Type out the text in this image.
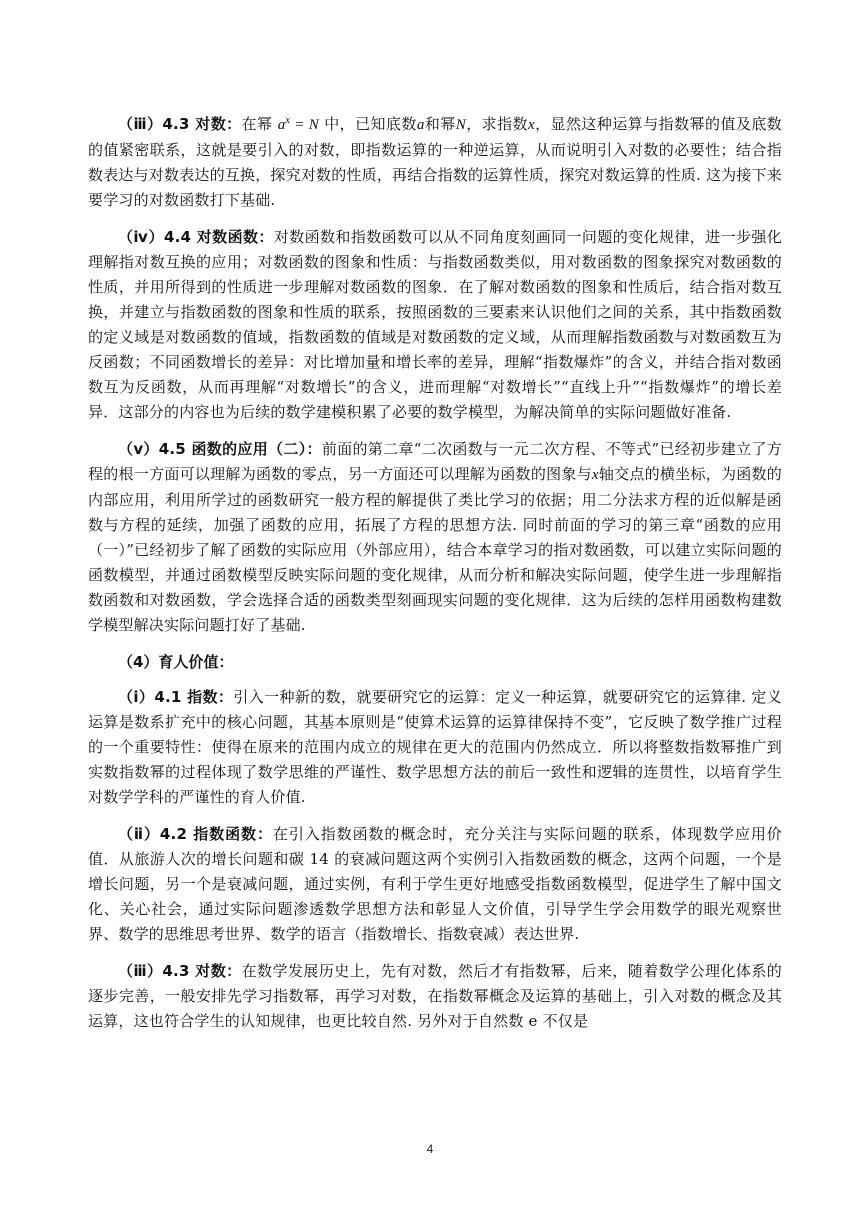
（ⅲ）4.3 对数：在幂 $a^x = N$ 中，已知底数a和幂N，求指数x，显然这种运算与指数幂的值及底数的值紧密联系，这就是要引入的对数，即指数运算的一种逆运算，从而说明引入对数的必要性；结合指数表达与对数表达的互换，探究对数的性质，再结合指数的运算性质，探究对数运算的性质. 这为接下来要学习的对数函数打下基础.

（ⅳ）4.4 对数函数：对数函数和指数函数可以从不同角度刻画同一问题的变化规律，进一步强化理解指对数互换的应用；对数函数的图象和性质：与指数函数类似，用对数函数的图象探究对数函数的性质，并用所得到的性质进一步理解对数函数的图象．在了解对数函数的图象和性质后，结合指对数互换，并建立与指数函数的图象和性质的联系，按照函数的三要素来认识他们之间的关系，其中指数函数的定义域是对数函数的值域，指数函数的值域是对数函数的定义域，从而理解指数函数与对数函数互为反函数；不同函数增长的差异：对比增加量和增长率的差异，理解“指数爆炸”的含义，并结合指对数函数互为反函数，从而再理解“对数增长”的含义，进而理解“对数增长”“直线上升”“指数爆炸”的增长差异．这部分的内容也为后续的数学建模积累了必要的数学模型，为解决简单的实际问题做好准备.

（ⅴ）4.5 函数的应用（二）：前面的第二章“二次函数与一元二次方程、不等式”已经初步建立了方程的根一方面可以理解为函数的零点，另一方面还可以理解为函数的图象与x轴交点的横坐标，为函数的内部应用，利用所学过的函数研究一般方程的解提供了类比学习的依据；用二分法求方程的近似解是函数与方程的延续，加强了函数的应用，拓展了方程的思想方法. 同时前面的学习的第三章“函数的应用（一）”已经初步了解了函数的实际应用（外部应用），结合本章学习的指对数函数，可以建立实际问题的函数模型，并通过函数模型反映实际问题的变化规律，从而分析和解决实际问题，使学生进一步理解指数函数和对数函数，学会选择合适的函数类型刻画现实问题的变化规律．这为后续的怎样用函数构建数学模型解决实际问题打好了基础.

（4）育人价值：

（ⅰ）4.1 指数：引入一种新的数，就要研究它的运算：定义一种运算，就要研究它的运算律. 定义运算是数系扩充中的核心问题，其基本原则是“使算术运算的运算律保持不变”，它反映了数学推广过程的一个重要特性：使得在原来的范围内成立的规律在更大的范围内仍然成立．所以将整数指数幂推广到实数指数幂的过程体现了数学思维的严谨性、数学思想方法的前后一致性和逻辑的连贯性，以培育学生对数学学科的严谨性的育人价值.

（ⅱ）4.2 指数函数：在引入指数函数的概念时，充分关注与实际问题的联系，体现数学应用价值．从旅游人次的增长问题和碳 14 的衰减问题这两个实例引入指数函数的概念，这两个问题，一个是增长问题，另一个是衰减问题，通过实例，有利于学生更好地感受指数函数模型，促进学生了解中国文化、关心社会，通过实际问题渗透数学思想方法和彰显人文价值，引导学生学会用数学的眼光观察世界、数学的思维思考世界、数学的语言（指数增长、指数衰减）表达世界.

（ⅲ）4.3 对数：在数学发展历史上，先有对数，然后才有指数幂，后来，随着数学公理化体系的逐步完善，一般安排先学习指数幂，再学习对数，在指数幂概念及运算的基础上，引入对数的概念及其运算，这也符合学生的认知规律，也更比较自然. 另外对于自然数 e 不仅是

4
